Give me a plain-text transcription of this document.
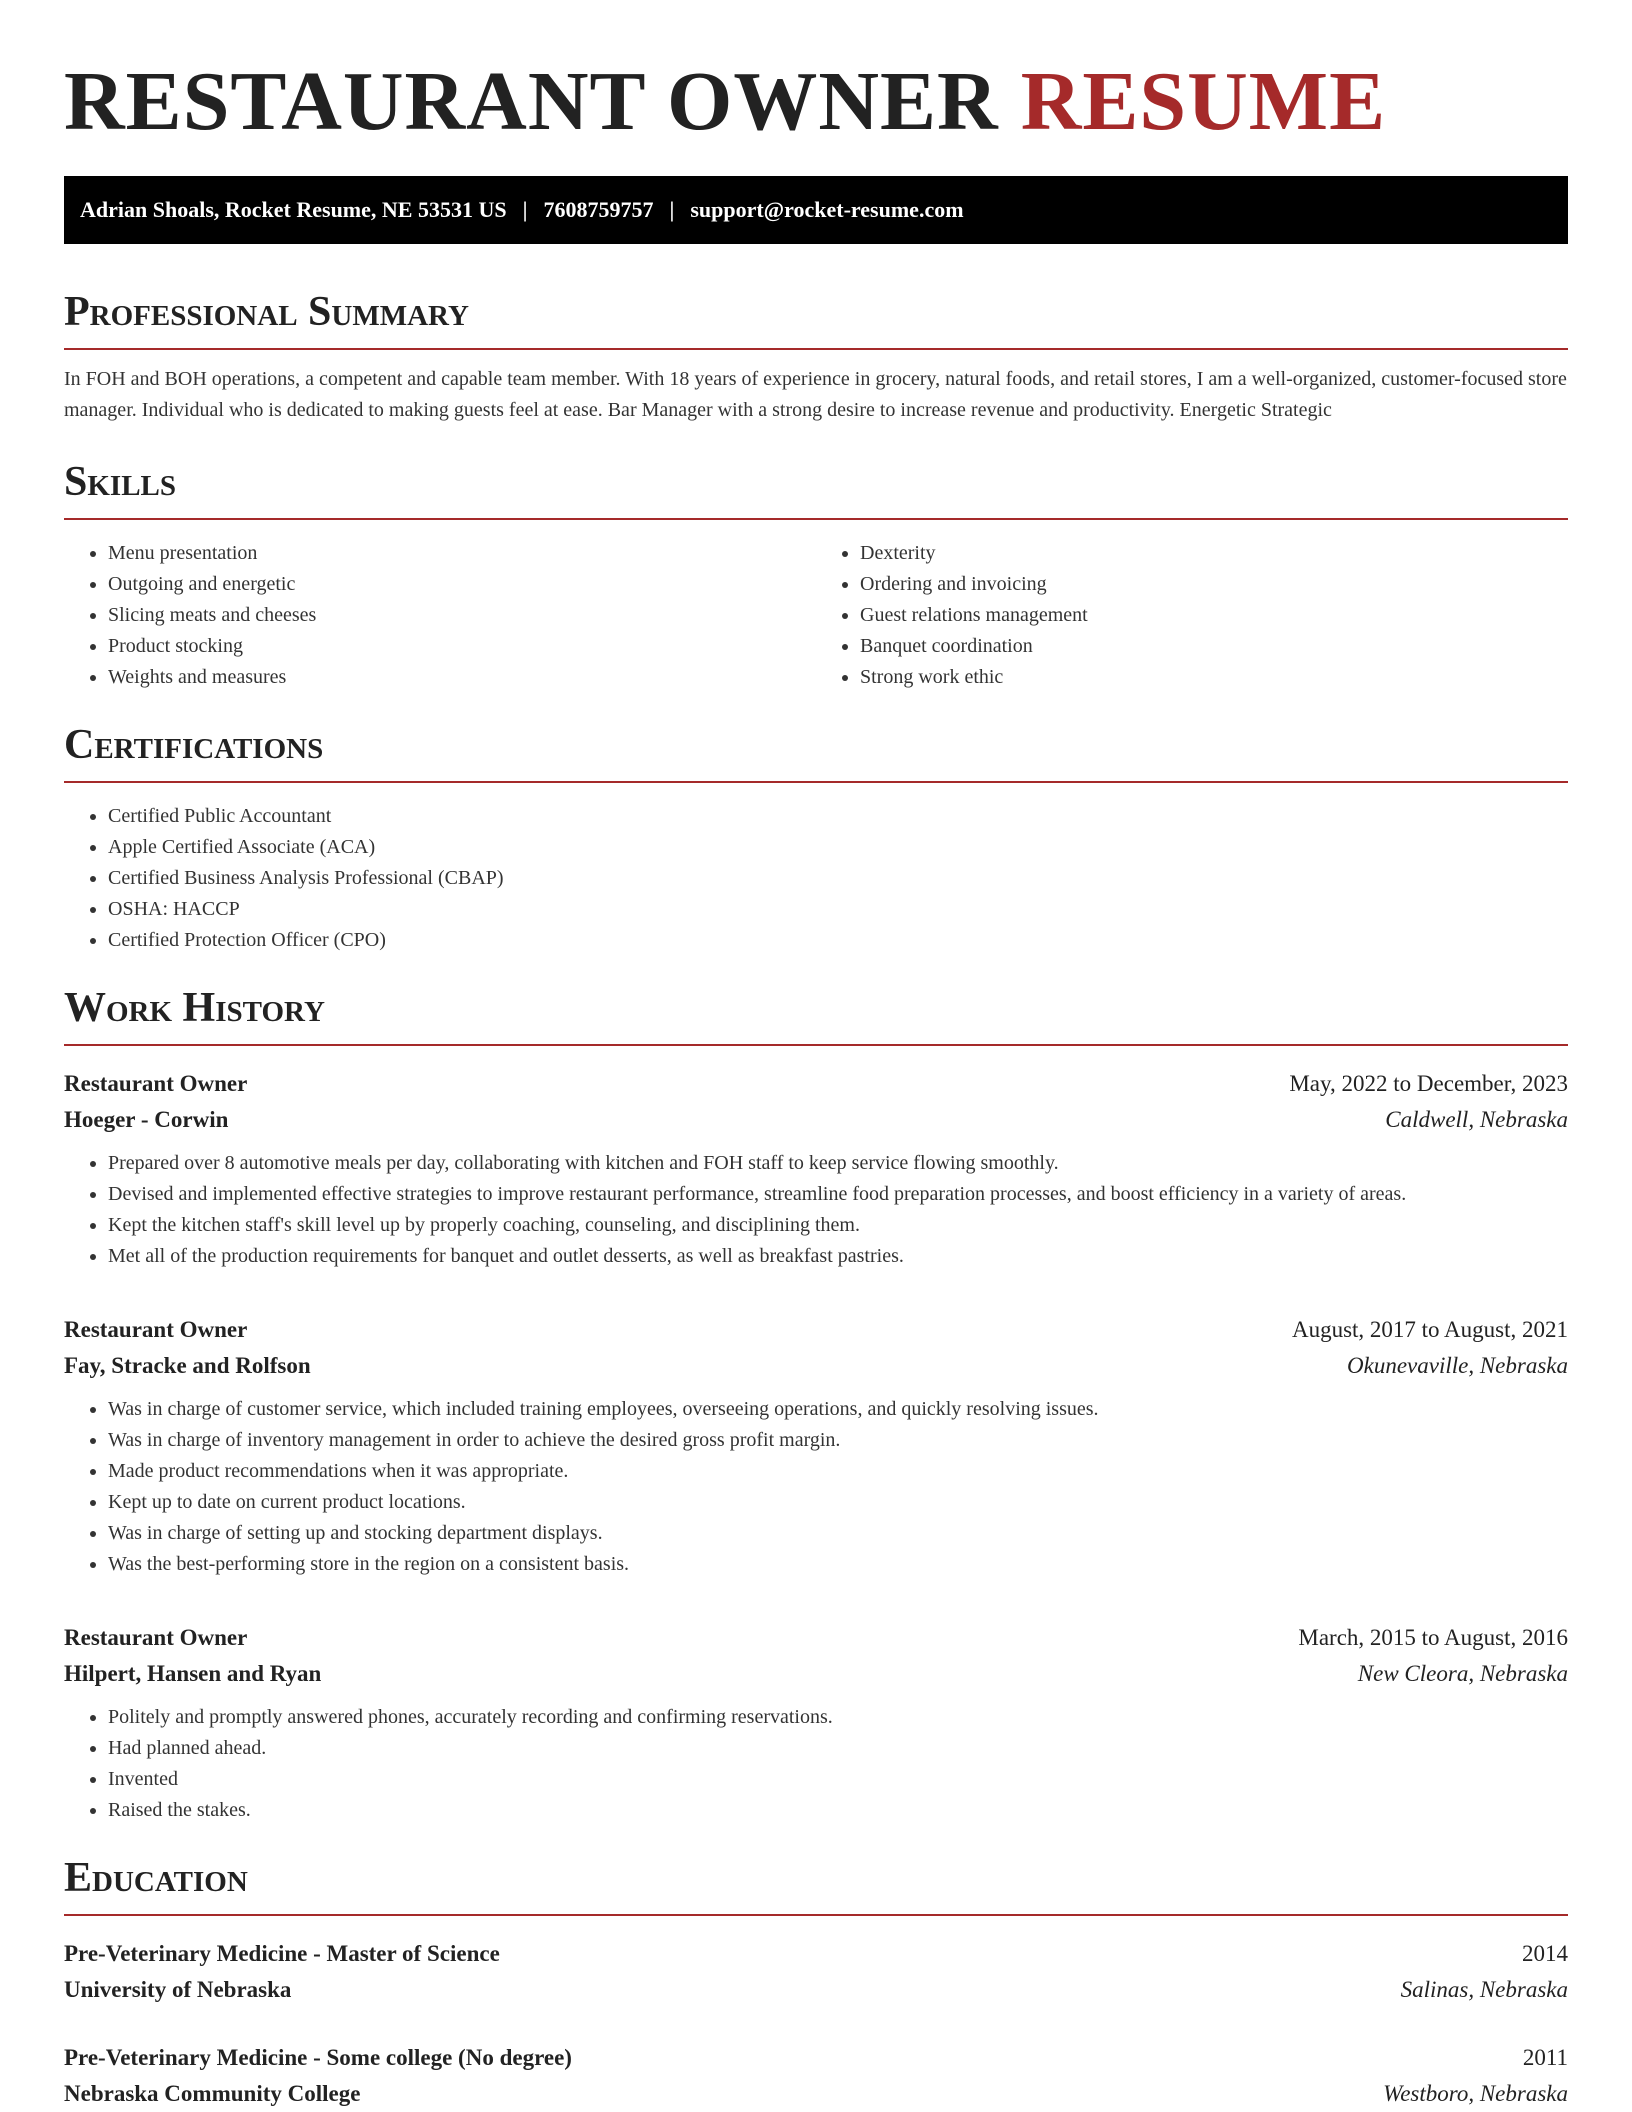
RESTAURANT OWNER RESUME
Adrian Shoals, Rocket Resume, NE 53531 US | 7608759757 | support@rocket-resume.com
Professional Summary
In FOH and BOH operations, a competent and capable team member. With 18 years of experience in grocery, natural foods, and retail stores, I am a well-organized, customer-focused store manager. Individual who is dedicated to making guests feel at ease. Bar Manager with a strong desire to increase revenue and productivity. Energetic Strategic
Skills
• Menu presentation
• Outgoing and energetic
• Slicing meats and cheeses
• Product stocking
• Weights and measures
• Dexterity
• Ordering and invoicing
• Guest relations management
• Banquet coordination
• Strong work ethic
Certifications
• Certified Public Accountant
• Apple Certified Associate (ACA)
• Certified Business Analysis Professional (CBAP)
• OSHA: HACCP
• Certified Protection Officer (CPO)
Work History
Restaurant Owner	May, 2022 to December, 2023
Hoeger - Corwin	Caldwell, Nebraska
• Prepared over 8 automotive meals per day, collaborating with kitchen and FOH staff to keep service flowing smoothly.
• Devised and implemented effective strategies to improve restaurant performance, streamline food preparation processes, and boost efficiency in a variety of areas.
• Kept the kitchen staff's skill level up by properly coaching, counseling, and disciplining them.
• Met all of the production requirements for banquet and outlet desserts, as well as breakfast pastries.
Restaurant Owner	August, 2017 to August, 2021
Fay, Stracke and Rolfson	Okunevaville, Nebraska
• Was in charge of customer service, which included training employees, overseeing operations, and quickly resolving issues.
• Was in charge of inventory management in order to achieve the desired gross profit margin.
• Made product recommendations when it was appropriate.
• Kept up to date on current product locations.
• Was in charge of setting up and stocking department displays.
• Was the best-performing store in the region on a consistent basis.
Restaurant Owner	March, 2015 to August, 2016
Hilpert, Hansen and Ryan	New Cleora, Nebraska
• Politely and promptly answered phones, accurately recording and confirming reservations.
• Had planned ahead.
• Invented
• Raised the stakes.
Education
Pre-Veterinary Medicine - Master of Science	2014
University of Nebraska	Salinas, Nebraska
Pre-Veterinary Medicine - Some college (No degree)	2011
Nebraska Community College	Westboro, Nebraska
